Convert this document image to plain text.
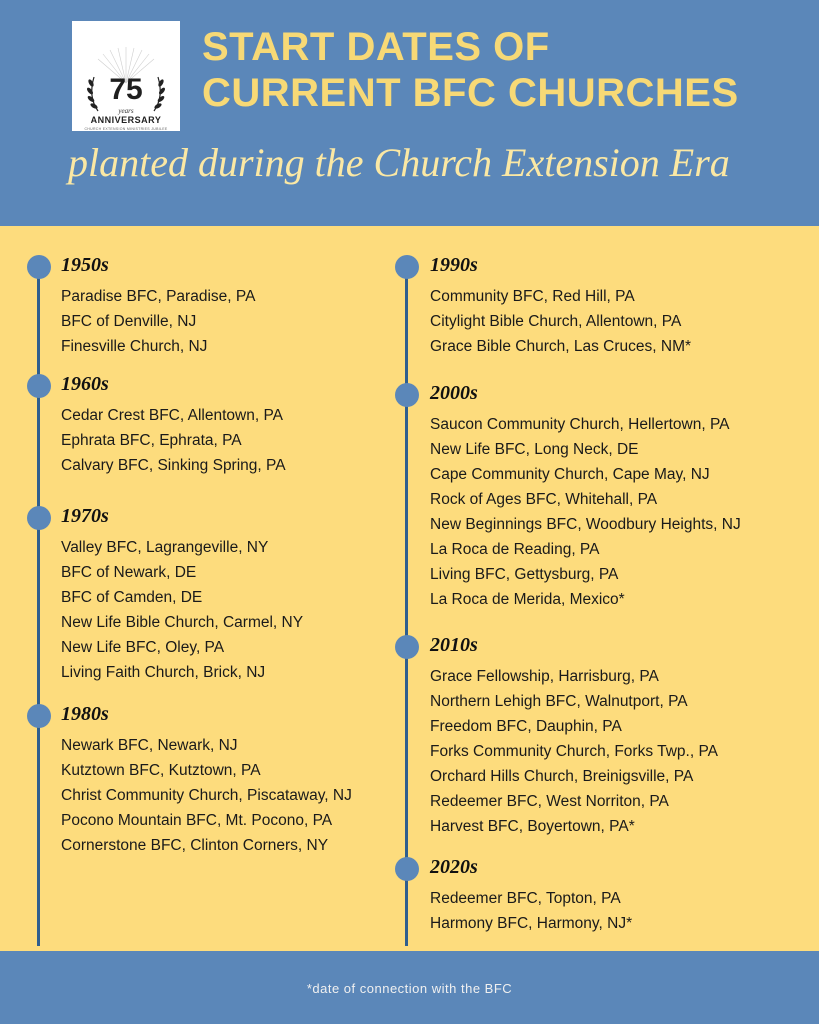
75
years
ANNIVERSARY
CHURCH EXTENSION MINISTRIES JUBILEE
START DATES OF
CURRENT BFC CHURCHES
planted during the Church Extension Era
1950s
Paradise BFC, Paradise, PA
BFC of Denville, NJ
Finesville Church, NJ
1960s
Cedar Crest BFC, Allentown, PA
Ephrata BFC, Ephrata, PA
Calvary BFC, Sinking Spring, PA
1970s
Valley BFC, Lagrangeville, NY
BFC of Newark, DE
BFC of Camden, DE
New Life Bible Church, Carmel, NY
New Life BFC, Oley, PA
Living Faith Church, Brick, NJ
1980s
Newark BFC, Newark, NJ
Kutztown BFC, Kutztown, PA
Christ Community Church, Piscataway, NJ
Pocono Mountain BFC, Mt. Pocono, PA
Cornerstone BFC, Clinton Corners, NY
1990s
Community BFC, Red Hill, PA
Citylight Bible Church, Allentown, PA
Grace Bible Church, Las Cruces, NM*
2000s
Saucon Community Church, Hellertown, PA
New Life BFC, Long Neck, DE
Cape Community Church, Cape May, NJ
Rock of Ages BFC, Whitehall, PA
New Beginnings BFC, Woodbury Heights, NJ
La Roca de Reading, PA
Living BFC, Gettysburg, PA
La Roca de Merida, Mexico*
2010s
Grace Fellowship, Harrisburg, PA
Northern Lehigh BFC, Walnutport, PA
Freedom BFC, Dauphin, PA
Forks Community Church, Forks Twp., PA
Orchard Hills Church, Breinigsville, PA
Redeemer BFC, West Norriton, PA
Harvest BFC, Boyertown, PA*
2020s
Redeemer BFC, Topton, PA
Harmony BFC, Harmony, NJ*
*date of connection with the BFC
